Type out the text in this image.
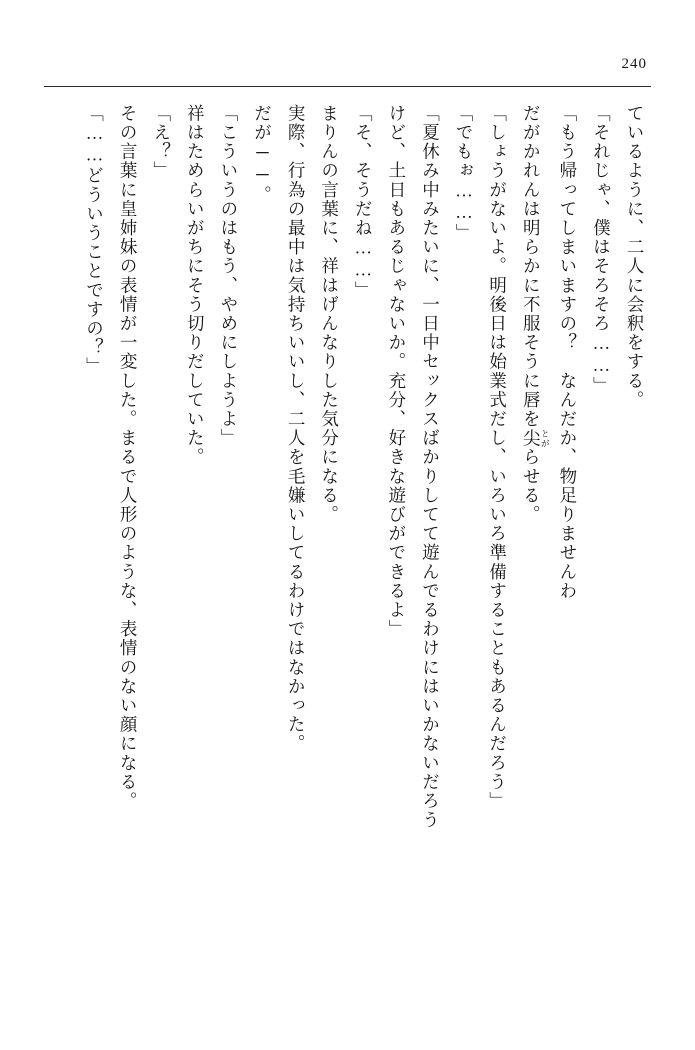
240

ているように、二人に会釈をする。

「それじゃ、僕はそろそろ……」

「もう帰ってしまいますの？　なんだか、物足りませんわ

だがかれんは明らかに不服そうに唇を尖 とがらせる。

「しょうがないよ。明後日は始業式だし、いろいろ準備することもあるんだろう」

「でもぉ……」

「夏休み中みたいに、一日中セックスばかりしてて遊んでるわけにはいかないだろう

けど、土日もあるじゃないか。充分、好きな遊びができるよ」

「そ、そうだね……」

まりんの言葉に、祥はげんなりした気分になる。

実際、行為の最中は気持ちいいし、二人を毛嫌いしてるわけではなかった。

だが──。

「こういうのはもう、やめにしようよ」

祥はためらいがちにそう切りだしていた。

「え？」

その言葉に皇姉妹の表情が一変した。まるで人形のような、表情のない顔になる。

「……どういうことですの？」
